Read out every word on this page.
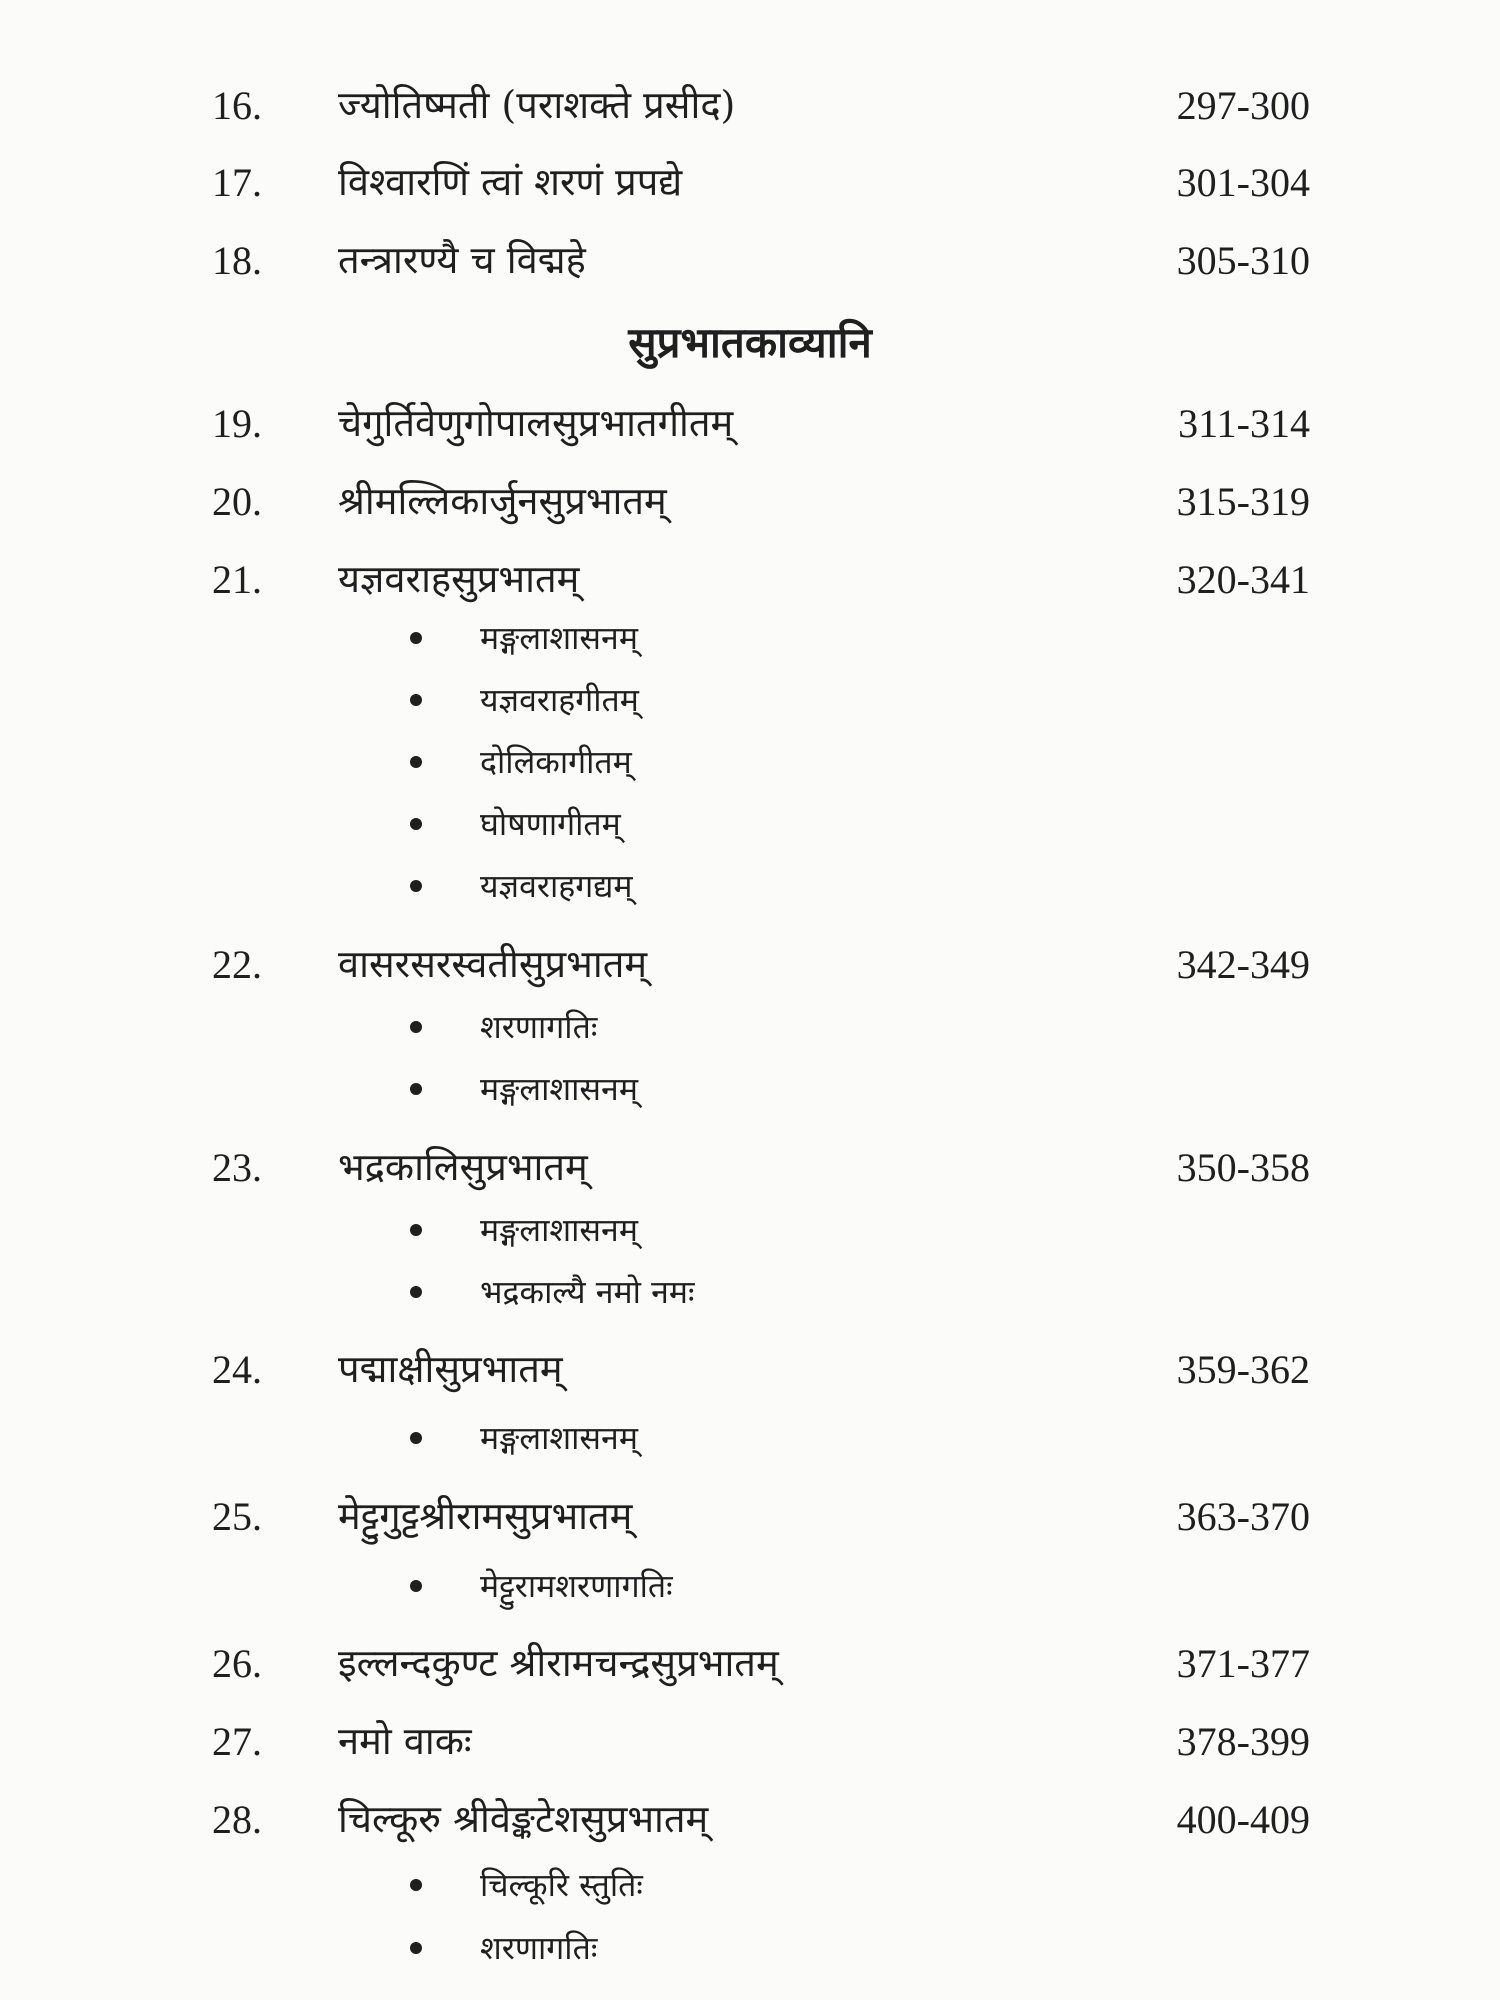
16. ज्योतिष्मती (पराशक्ते प्रसीद)	297-300
17. विश्वारणिं त्वां शरणं प्रपद्ये	301-304
18. तन्त्रारण्यै च विद्महे	305-310
सुप्रभातकाव्यानि
19. चेगुर्तिवेणुगोपालसुप्रभातगीतम्	311-314
20. श्रीमल्लिकार्जुनसुप्रभातम्	315-319
21. यज्ञवराहसुप्रभातम्	320-341
मङ्गलाशासनम्
यज्ञवराहगीतम्
दोलिकागीतम्
घोषणागीतम्
यज्ञवराहगद्यम्
22. वासरसरस्वतीसुप्रभातम्	342-349
शरणागतिः
मङ्गलाशासनम्
23. भद्रकालिसुप्रभातम्	350-358
मङ्गलाशासनम्
भद्रकाल्यै नमो नमः
24. पद्माक्षीसुप्रभातम्	359-362
मङ्गलाशासनम्
25. मेट्टुगुट्टश्रीरामसुप्रभातम्	363-370
मेट्टुरामशरणागतिः
26. इल्लन्दकुण्ट श्रीरामचन्द्रसुप्रभातम्	371-377
27. नमो वाकः	378-399
28. चिल्कूरु श्रीवेङ्कटेशसुप्रभातम्	400-409
चिल्कूरि स्तुतिः
शरणागतिः
